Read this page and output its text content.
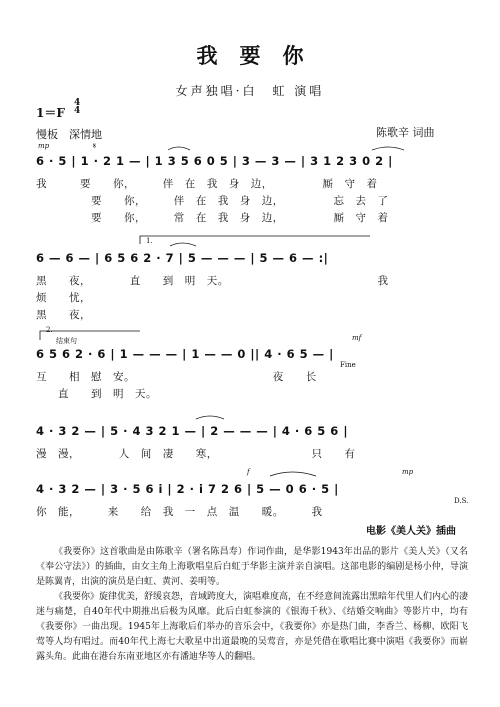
我要你
女声独唱·白　虹 演唱
1＝F
4
4
慢板　深情地	陈歌辛 词曲
mp	𝄋
6 · 5 | 1 · 2 1 — | 1 3 5 6 0 5 | 3 — 3 — | 3 1 2 3 0 2 |
我　　　要　　你，　　　伴　在　我　身　边，　　　　　厮　守　着
　　　　　要　　你，　　　伴　在　我　身　边，　　　　　忘　去　了
　　　　　要　　你，　　　常　在　我　身　边，　　　　　厮　守　着
1.
6 — 6 — | 6 5 6 2 · 7 | 5 — — — | 5 — 6 — :|
黑　　夜，　　　　直　　到　明　天。　　　　　　　　　　　　　　我
烦　　忧，
黑　　夜，
2.
结束句	mf
6 5 6 2 · 6 | 1 — — — | 1 — — 0 || 4 · 6 5 — |
Fine
互　　相　慰　安。　　　　　　　　　　　　　夜　　长
　　直　　到　明　天。
4 · 3 2 — | 5 · 4 3 2 1 — | 2 — — — | 4 · 6 5 6 |
漫　漫，　　　　人　间　凄　　寒，　　　　　　　　　只　　有
f	mp
4 · 3 2 — | 3 · 5 6 i | 2 · i 7 2 6 | 5 — 0 6 · 5 |
D.S.
你　能，　　　来　　给　我　一　点　温　　暖。　　　我
电影《美人关》插曲
《我要你》这首歌曲是由陈歌辛（署名陈昌寿）作词作曲，是华影1943年出品的影片《美人关》（又名《奉公守法》）的插曲，由女主角上海歌唱皇后白虹于华影主演并亲自演唱。这部电影的编剧是杨小仲，导演是陈翼青，出演的演员是白虹、黄河、姜明等。
《我要你》旋律优美，舒缓哀怨，音域跨度大，演唱难度高，在不经意间流露出黑暗年代里人们内心的凄迷与痛楚，自40年代中期推出后极为风靡。此后白虹参演的《银海千秋》、《结婚交响曲》等影片中，均有《我要你》一曲出现。1945年上海歌后们举办的音乐会中，《我要你》亦是热门曲，李香兰、杨柳、欧阳飞莺等人均有唱过。而40年代上海七大歌星中出道最晚的吴莺音，亦是凭借在歌唱比赛中演唱《我要你》而崭露头角。此曲在港台东南亚地区亦有潘迪华等人的翻唱。
